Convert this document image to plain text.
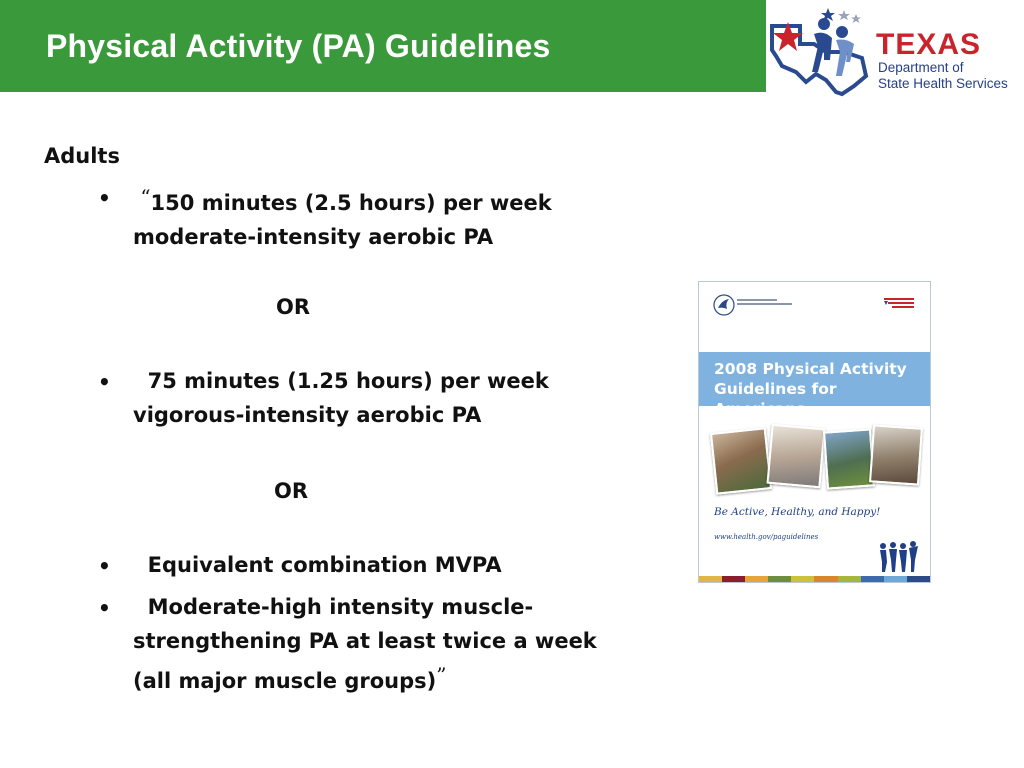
Physical Activity (PA) Guidelines	TEXAS
Department of
State Health Services
Adults
•	“150 minutes (2.5 hours) per week
moderate-intensity aerobic PA
OR
•	75 minutes (1.25 hours) per week
vigorous-intensity aerobic PA
OR
•	Equivalent combination MVPA
•	Moderate-high intensity muscle-
strengthening PA at least twice a week
(all major muscle groups)”
2008 Physical Activity
Guidelines for Americans
Be Active, Healthy, and Happy!
www.health.gov/paguidelines
